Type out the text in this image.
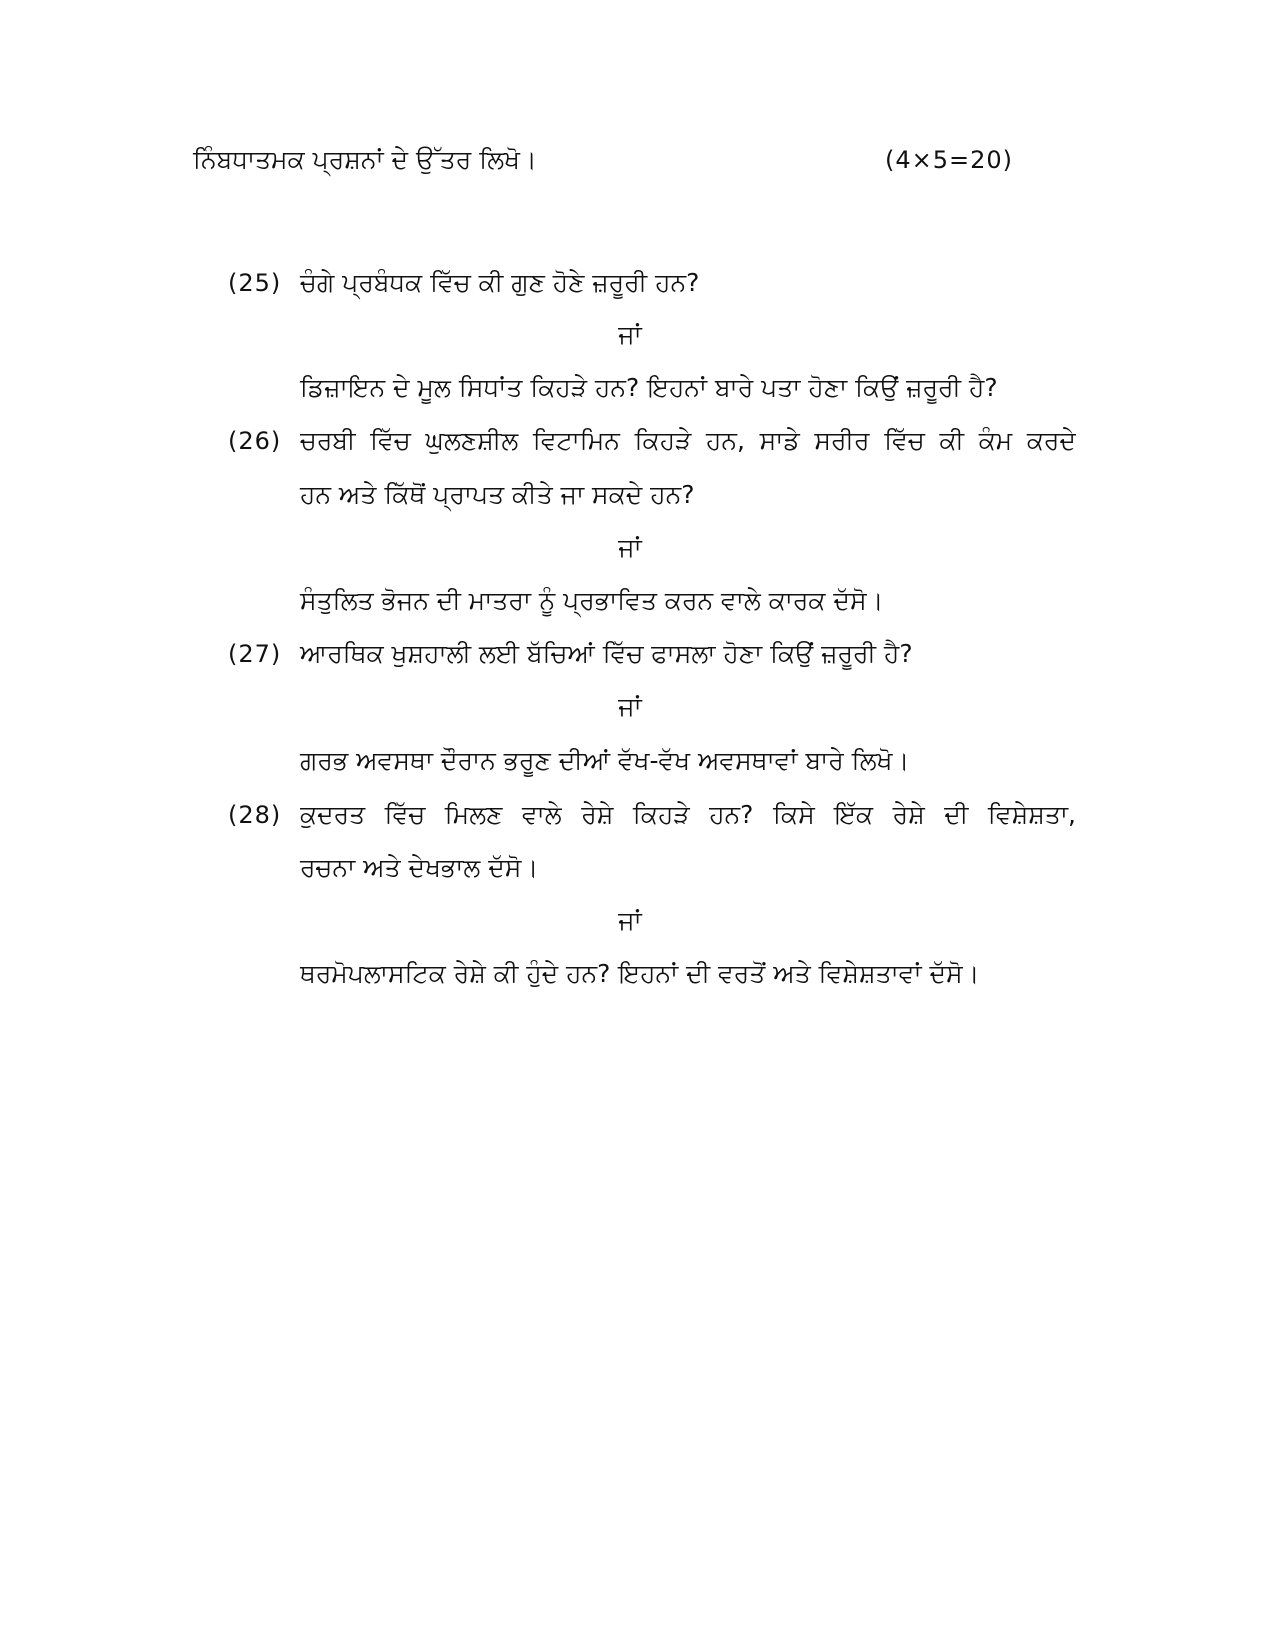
ਨਿੰਬਧਾਤਮਕ ਪ੍ਰਸ਼ਨਾਂ ਦੇ ਉੱਤਰ ਲਿਖੋ।	(4×5=20)
(25) ਚੰਗੇ ਪ੍ਰਬੰਧਕ ਵਿੱਚ ਕੀ ਗੁਣ ਹੋਣੇ ਜ਼ਰੂਰੀ ਹਨ?
ਜਾਂ
ਡਿਜ਼ਾਇਨ ਦੇ ਮੂਲ ਸਿਧਾਂਤ ਕਿਹੜੇ ਹਨ? ਇਹਨਾਂ ਬਾਰੇ ਪਤਾ ਹੋਣਾ ਕਿਉਂ ਜ਼ਰੂਰੀ ਹੈ?
(26) ਚਰਬੀ ਵਿੱਚ ਘੁਲਣਸ਼ੀਲ ਵਿਟਾਮਿਨ ਕਿਹੜੇ ਹਨ, ਸਾਡੇ ਸਰੀਰ ਵਿੱਚ ਕੀ ਕੰਮ ਕਰਦੇ
ਹਨ ਅਤੇ ਕਿੱਥੋਂ ਪ੍ਰਾਪਤ ਕੀਤੇ ਜਾ ਸਕਦੇ ਹਨ?
ਜਾਂ
ਸੰਤੁਲਿਤ ਭੋਜਨ ਦੀ ਮਾਤਰਾ ਨੂੰ ਪ੍ਰਭਾਵਿਤ ਕਰਨ ਵਾਲੇ ਕਾਰਕ ਦੱਸੋ।
(27) ਆਰਥਿਕ ਖੁਸ਼ਹਾਲੀ ਲਈ ਬੱਚਿਆਂ ਵਿੱਚ ਫਾਸਲਾ ਹੋਣਾ ਕਿਉਂ ਜ਼ਰੂਰੀ ਹੈ?
ਜਾਂ
ਗਰਭ ਅਵਸਥਾ ਦੌਰਾਨ ਭਰੂਣ ਦੀਆਂ ਵੱਖ-ਵੱਖ ਅਵਸਥਾਵਾਂ ਬਾਰੇ ਲਿਖੋ।
(28) ਕੁਦਰਤ ਵਿੱਚ ਮਿਲਣ ਵਾਲੇ ਰੇਸ਼ੇ ਕਿਹੜੇ ਹਨ? ਕਿਸੇ ਇੱਕ ਰੇਸ਼ੇ ਦੀ ਵਿਸ਼ੇਸ਼ਤਾ,
ਰਚਨਾ ਅਤੇ ਦੇਖਭਾਲ ਦੱਸੋ।
ਜਾਂ
ਥਰਮੋਪਲਾਸਟਿਕ ਰੇਸ਼ੇ ਕੀ ਹੁੰਦੇ ਹਨ? ਇਹਨਾਂ ਦੀ ਵਰਤੋਂ ਅਤੇ ਵਿਸ਼ੇਸ਼ਤਾਵਾਂ ਦੱਸੋ।
